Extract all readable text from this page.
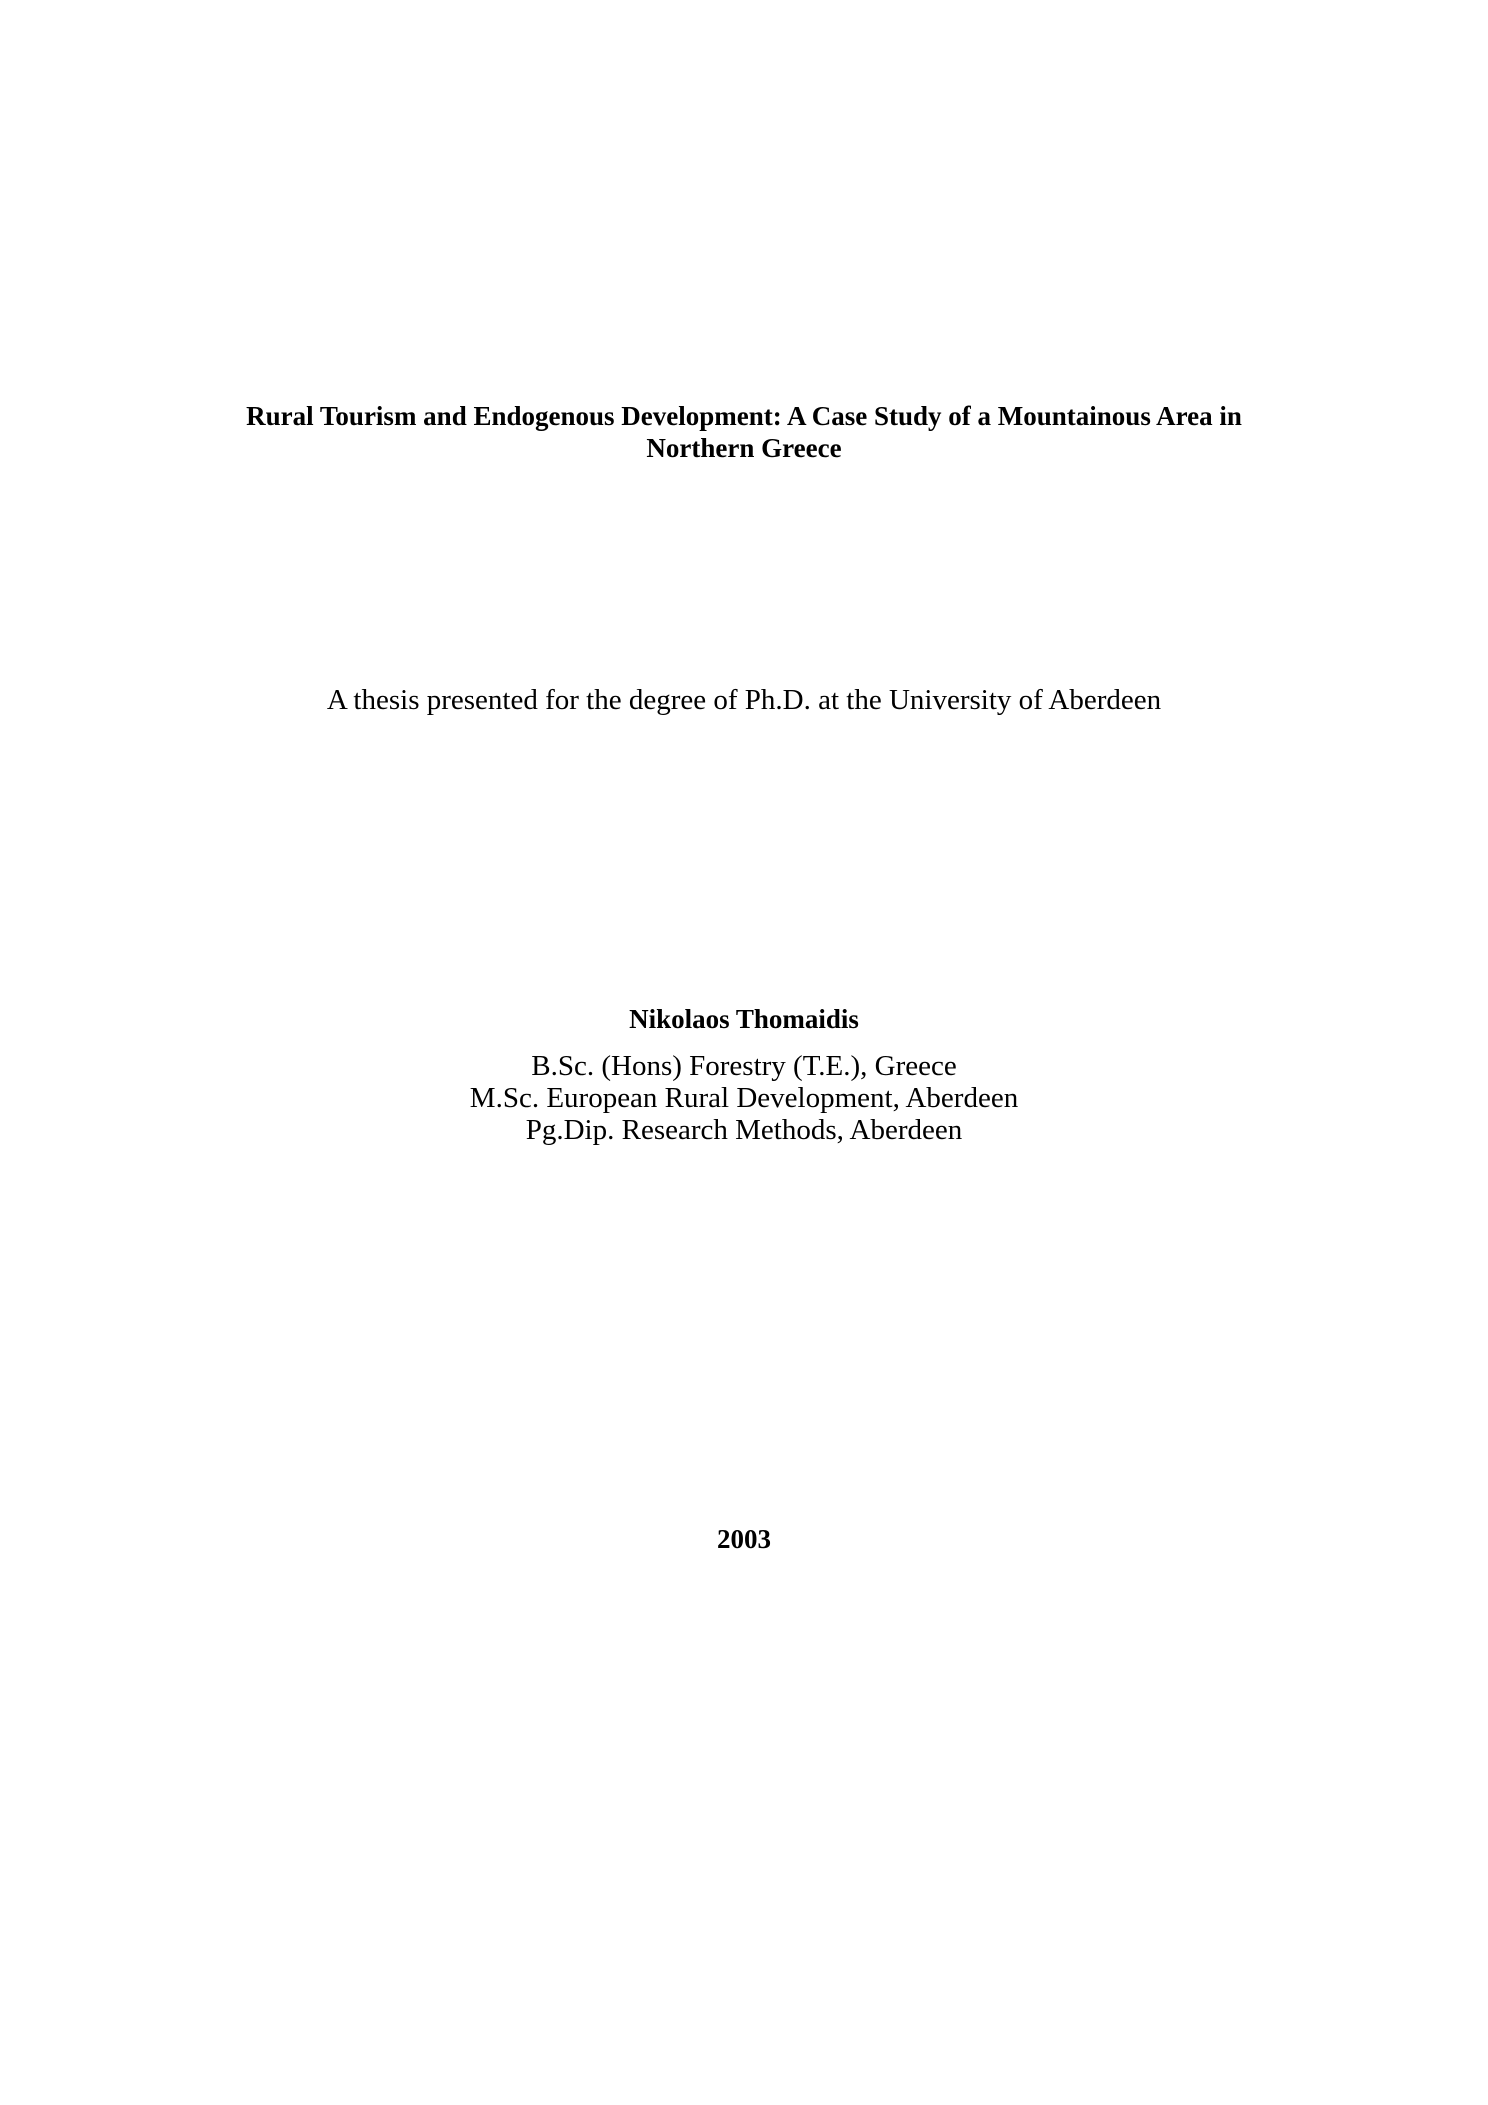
Rural Tourism and Endogenous Development: A Case Study of a Mountainous Area in
Northern Greece
A thesis presented for the degree of Ph.D. at the University of Aberdeen
Nikolaos Thomaidis
B.Sc. (Hons) Forestry (T.E.), Greece
M.Sc. European Rural Development, Aberdeen
Pg.Dip. Research Methods, Aberdeen
2003
